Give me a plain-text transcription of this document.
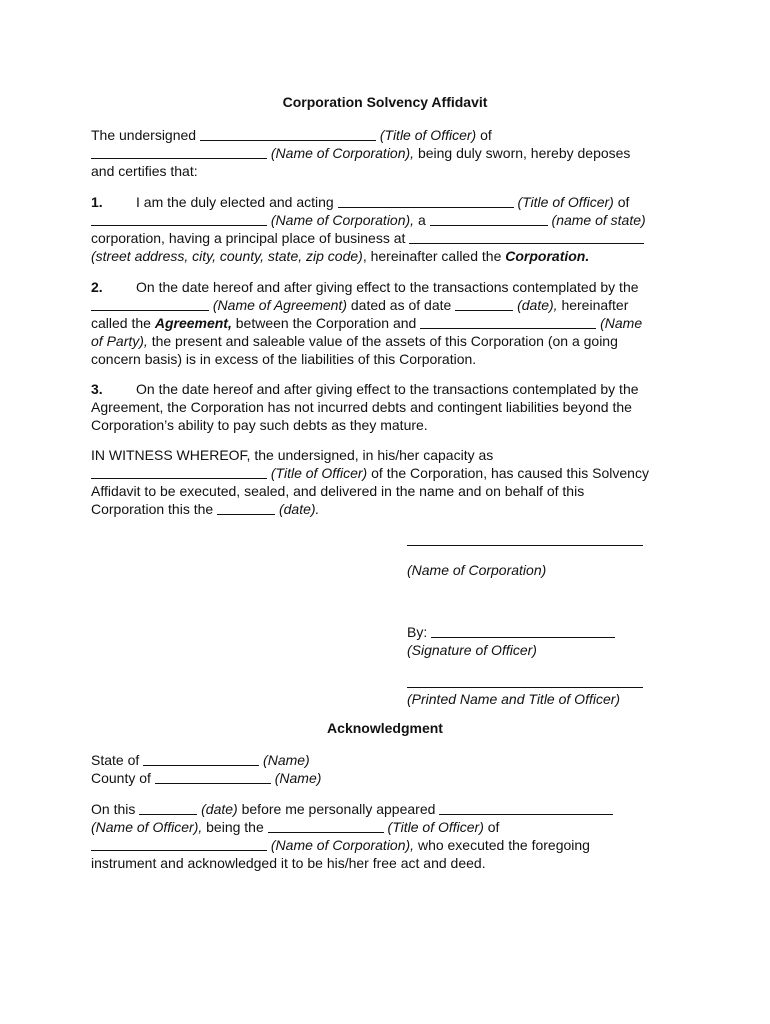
Corporation Solvency Affidavit
The undersigned	(Title of Officer) of
(Name of Corporation), being duly sworn, hereby deposes
and certifies that:
1. I am the duly elected and acting	(Title of Officer) of
(Name of Corporation), a	(name of state)
corporation, having a principal place of business at
(street address, city, county, state, zip code), hereinafter called the Corporation.
2. On the date hereof and after giving effect to the transactions contemplated by the
(Name of Agreement) dated as of date	(date), hereinafter
called the Agreement, between the Corporation and	(Name
of Party), the present and saleable value of the assets of this Corporation (on a going
concern basis) is in excess of the liabilities of this Corporation.
3. On the date hereof and after giving effect to the transactions contemplated by the
Agreement, the Corporation has not incurred debts and contingent liabilities beyond the
Corporation’s ability to pay such debts as they mature.
IN WITNESS WHEREOF, the undersigned, in his/her capacity as
(Title of Officer) of the Corporation, has caused this Solvency
Affidavit to be executed, sealed, and delivered in the name and on behalf of this
Corporation this the	(date).
(Name of Corporation)
By:
(Signature of Officer)
(Printed Name and Title of Officer)
Acknowledgment
State of	(Name)
County of	(Name)
On this	(date) before me personally appeared
(Name of Officer), being the	(Title of Officer) of
(Name of Corporation), who executed the foregoing
instrument and acknowledged it to be his/her free act and deed.
